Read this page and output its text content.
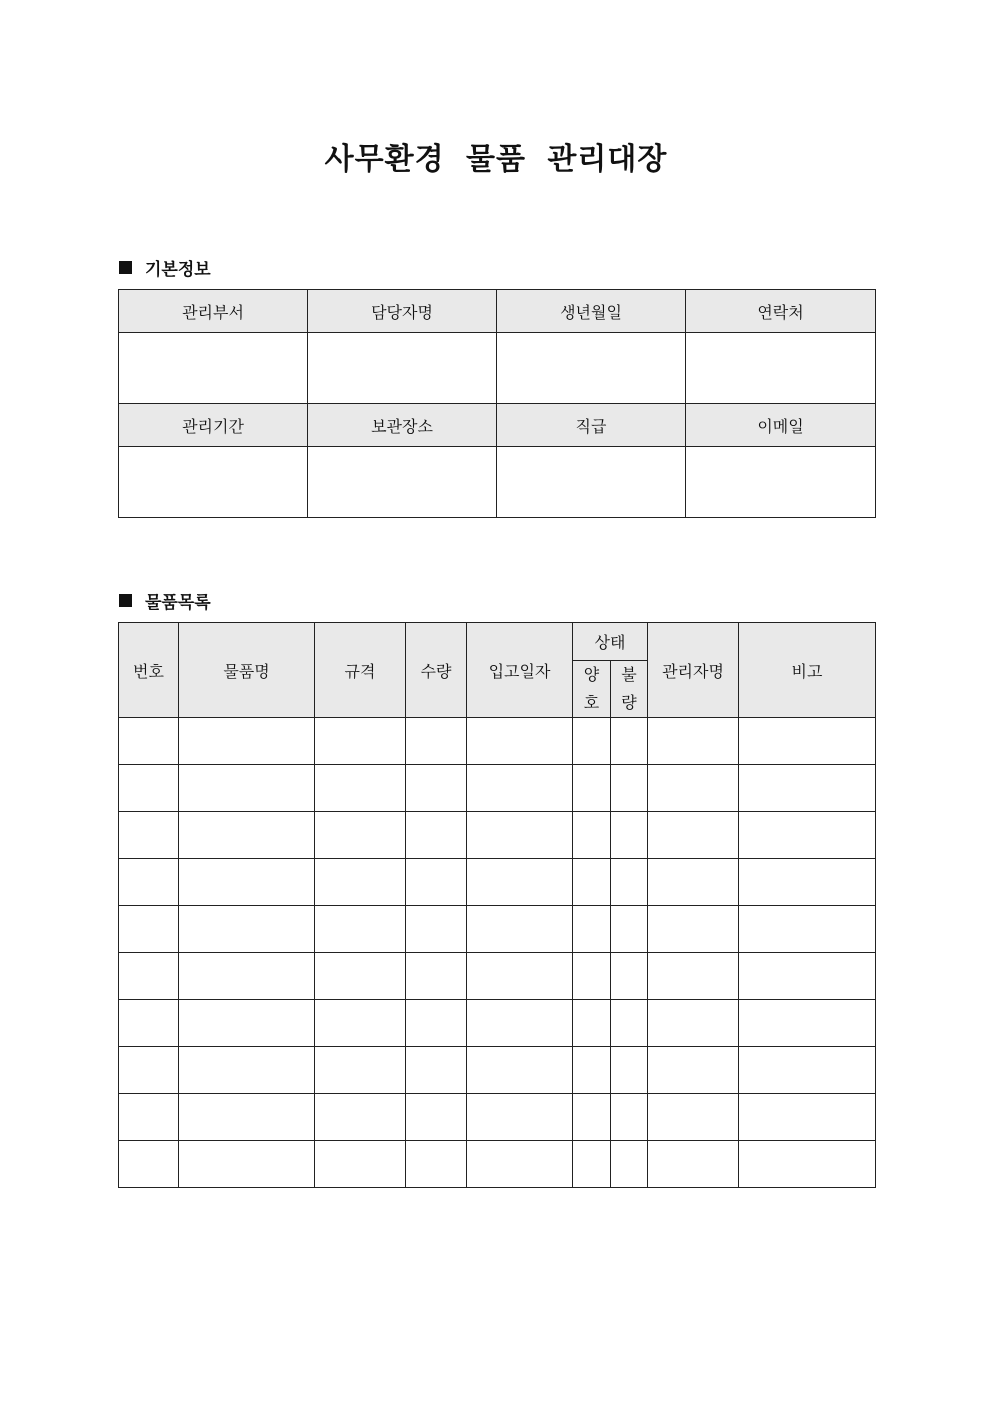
사무환경 물품 관리대장
기본정보
관리부서	담당자명	생년월일	연락처

관리기간	보관장소	직급	이메일

물품목록
번호	물품명	규격	수량	입고일자	상태		관리자명	비고
					양호	불량		
